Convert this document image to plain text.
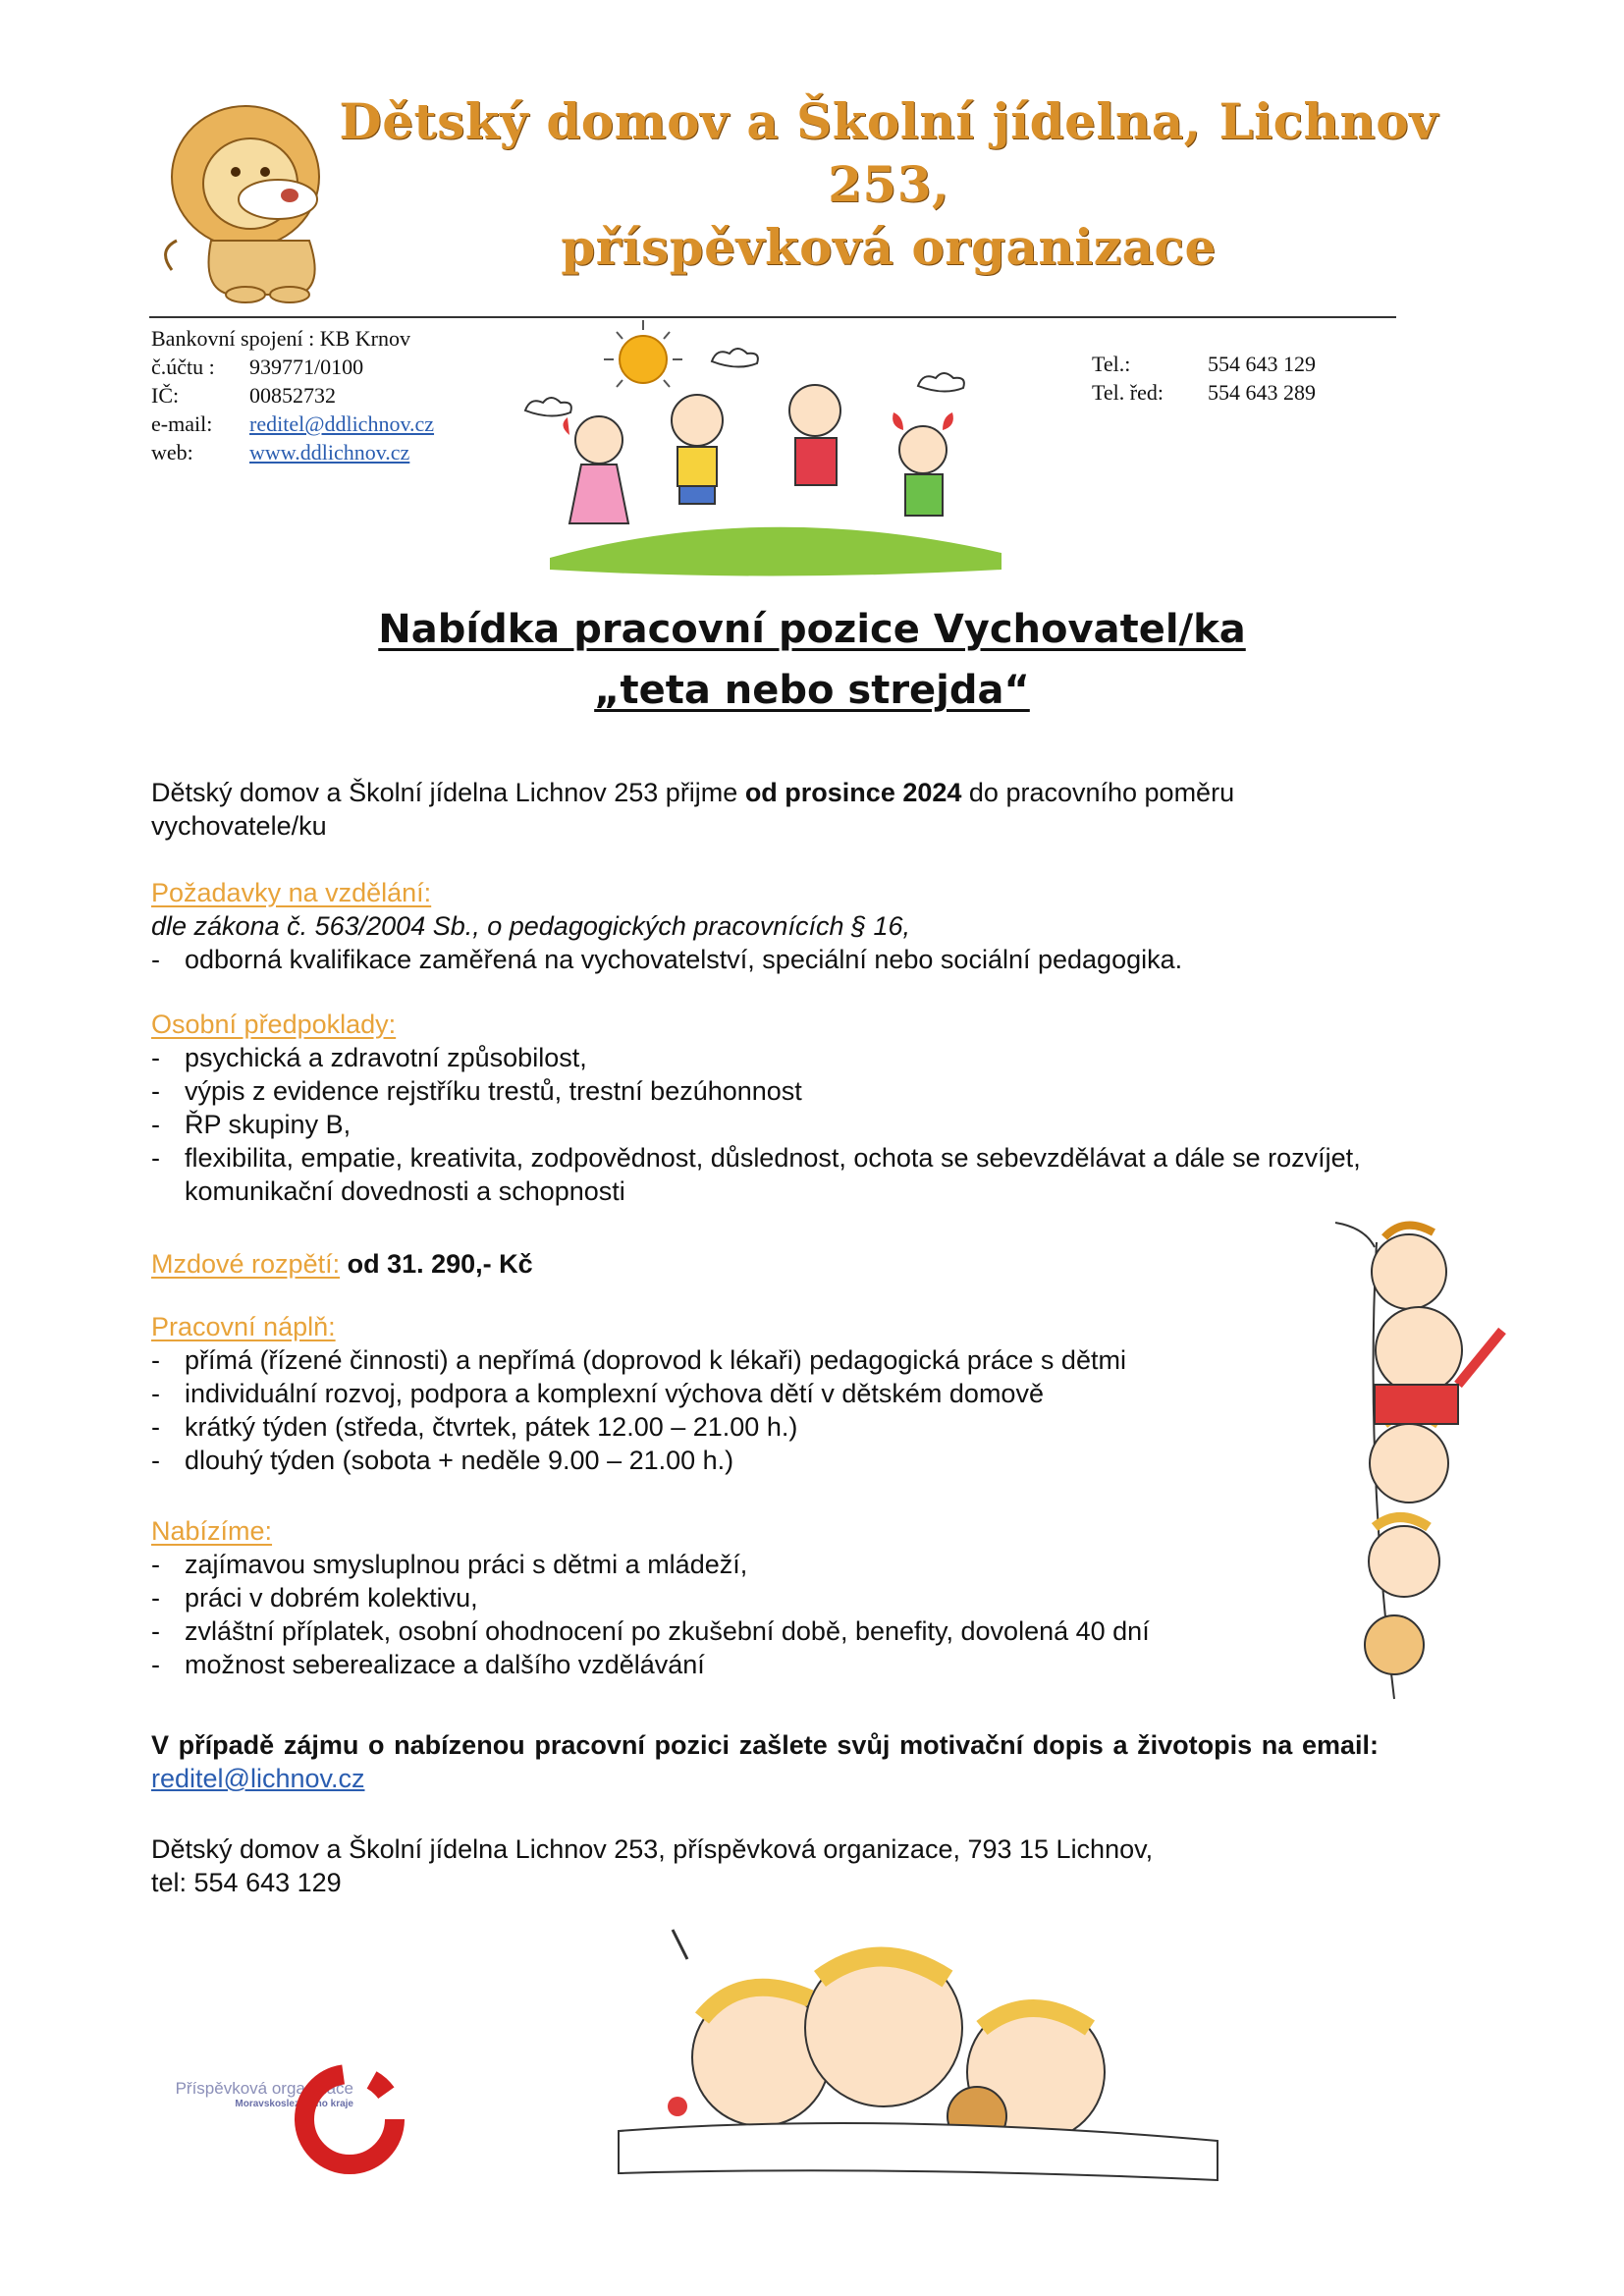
Dětský domov a Školní jídelna, Lichnov 253,
příspěvková organizace
Bankovní spojení : KB Krnov
č.účtu : 939771/0100
IČ:	00852732
e-mail: reditel@ddlichnov.cz
web:	www.ddlichnov.cz
Tel.:	554 643 129
Tel. řed: 554 643 289
Nabídka pracovní pozice Vychovatel/ka
„teta nebo strejda“
Dětský domov a Školní jídelna Lichnov 253 přijme od prosince 2024 do pracovního poměru vychovatele/ku
Požadavky na vzdělání:
dle zákona č. 563/2004 Sb., o pedagogických pracovnících § 16,
- odborná kvalifikace zaměřená na vychovatelství, speciální nebo sociální pedagogika.
Osobní předpoklady:
- psychická a zdravotní způsobilost,
- výpis z evidence rejstříku trestů, trestní bezúhonnost
- ŘP skupiny B,
- flexibilita, empatie, kreativita, zodpovědnost, důslednost, ochota se sebevzdělávat a dále se rozvíjet, komunikační dovednosti a schopnosti
Mzdové rozpětí: od 31. 290,- Kč
Pracovní náplň:
- přímá (řízené činnosti) a nepřímá (doprovod k lékaři) pedagogická práce s dětmi
- individuální rozvoj, podpora a komplexní výchova dětí v dětském domově
- krátký týden (středa, čtvrtek, pátek 12.00 – 21.00 h.)
- dlouhý týden (sobota + neděle 9.00 – 21.00 h.)
Nabízíme:
- zajímavou smysluplnou práci s dětmi a mládeží,
- práci v dobrém kolektivu,
- zvláštní příplatek, osobní ohodnocení po zkušební době, benefity, dovolená 40 dní
- možnost seberealizace a dalšího vzdělávání
V případě zájmu o nabízenou pracovní pozici zašlete svůj motivační dopis a životopis na email: reditel@lichnov.cz
Dětský domov a Školní jídelna Lichnov 253, příspěvková organizace, 793 15 Lichnov,
tel: 554 643 129
Příspěvková organizace
Moravskoslezského kraje
